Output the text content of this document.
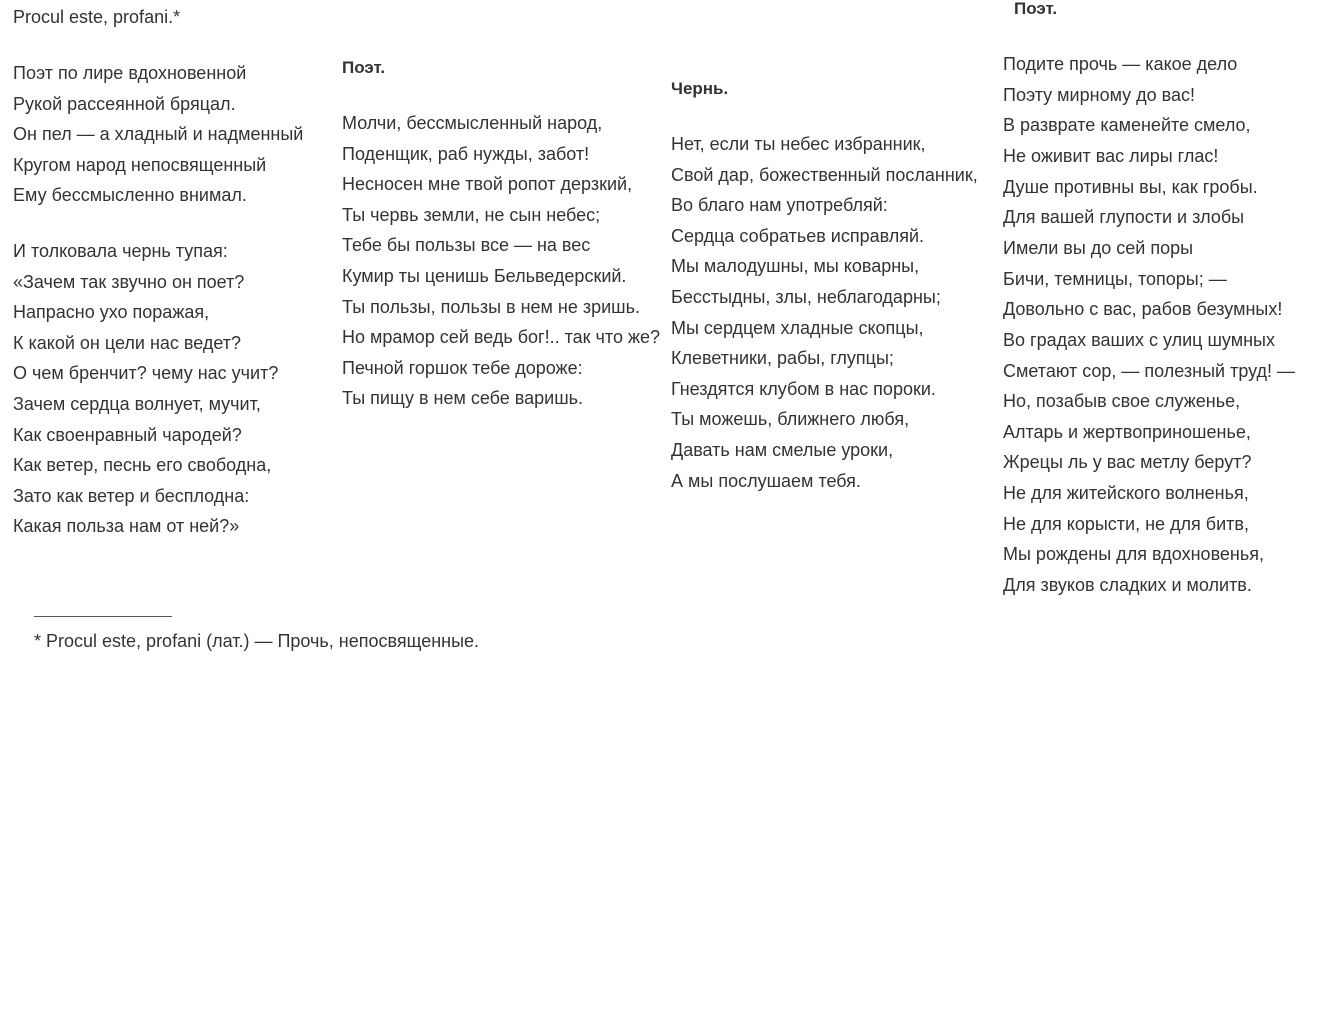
Procul este, profani.*
Поэт по лире вдохновенной
Рукой рассеянной бряцал.
Он пел — а хладный и надменный
Кругом народ непосвященный
Ему бессмысленно внимал.
И толковала чернь тупая:
«Зачем так звучно он поет?
Напрасно ухо поражая,
К какой он цели нас ведет?
О чем бренчит? чему нас учит?
Зачем сердца волнует, мучит,
Как своенравный чародей?
Как ветер, песнь его свободна,
Зато как ветер и бесплодна:
Какая польза нам от ней?»
Поэт.
Молчи, бессмысленный народ,
Поденщик, раб нужды, забот!
Несносен мне твой ропот дерзкий,
Ты червь земли, не сын небес;
Тебе бы пользы все — на вес
Кумир ты ценишь Бельведерский.
Ты пользы, пользы в нем не зришь.
Но мрамор сей ведь бог!.. так что же?
Печной горшок тебе дороже:
Ты пищу в нем себе варишь.
Чернь.
Нет, если ты небес избранник,
Свой дар, божественный посланник,
Во благо нам употребляй:
Сердца собратьев исправляй.
Мы малодушны, мы коварны,
Бесстыдны, злы, неблагодарны;
Мы сердцем хладные скопцы,
Клеветники, рабы, глупцы;
Гнездятся клубом в нас пороки.
Ты можешь, ближнего любя,
Давать нам смелые уроки,
А мы послушаем тебя.
Поэт.
Подите прочь — какое дело
Поэту мирному до вас!
В разврате каменейте смело,
Не оживит вас лиры глас!
Душе противны вы, как гробы.
Для вашей глупости и злобы
Имели вы до сей поры
Бичи, темницы, топоры; —
Довольно с вас, рабов безумных!
Во градах ваших с улиц шумных
Сметают сор, — полезный труд! —
Но, позабыв свое служенье,
Алтарь и жертвоприношенье,
Жрецы ль у вас метлу берут?
Не для житейского волненья,
Не для корысти, не для битв,
Мы рождены для вдохновенья,
Для звуков сладких и молитв.
* Procul este, profani (лат.) — Прочь, непосвященные.
